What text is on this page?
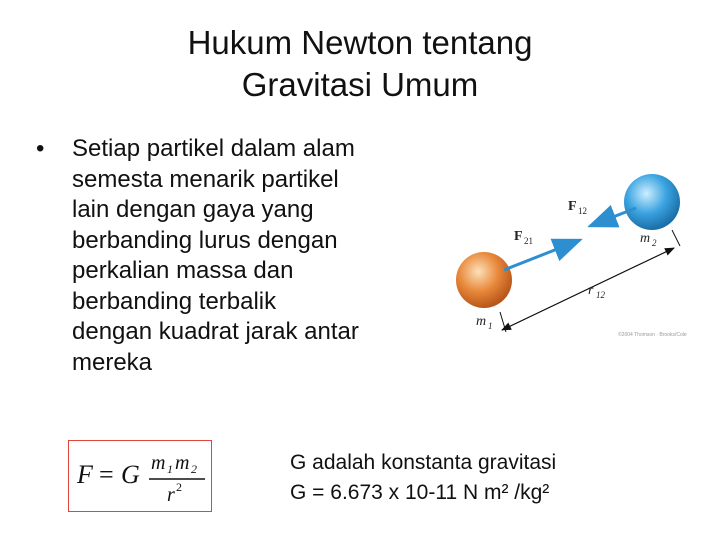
Hukum Newton tentang
Gravitasi Umum
• Setiap partikel dalam alam
semesta menarik partikel
lain dengan gaya yang
berbanding lurus dengan
perkalian massa dan
berbanding terbalik
dengan kuadrat jarak antar
mereka
F = G m 1 m 2
r 2
G adalah konstanta gravitasi
G = 6.673 x 10-11 N m² /kg²
F 12
F 21	m 2
r 12
m 1
©2004 Thomson · Brooks/Cole
